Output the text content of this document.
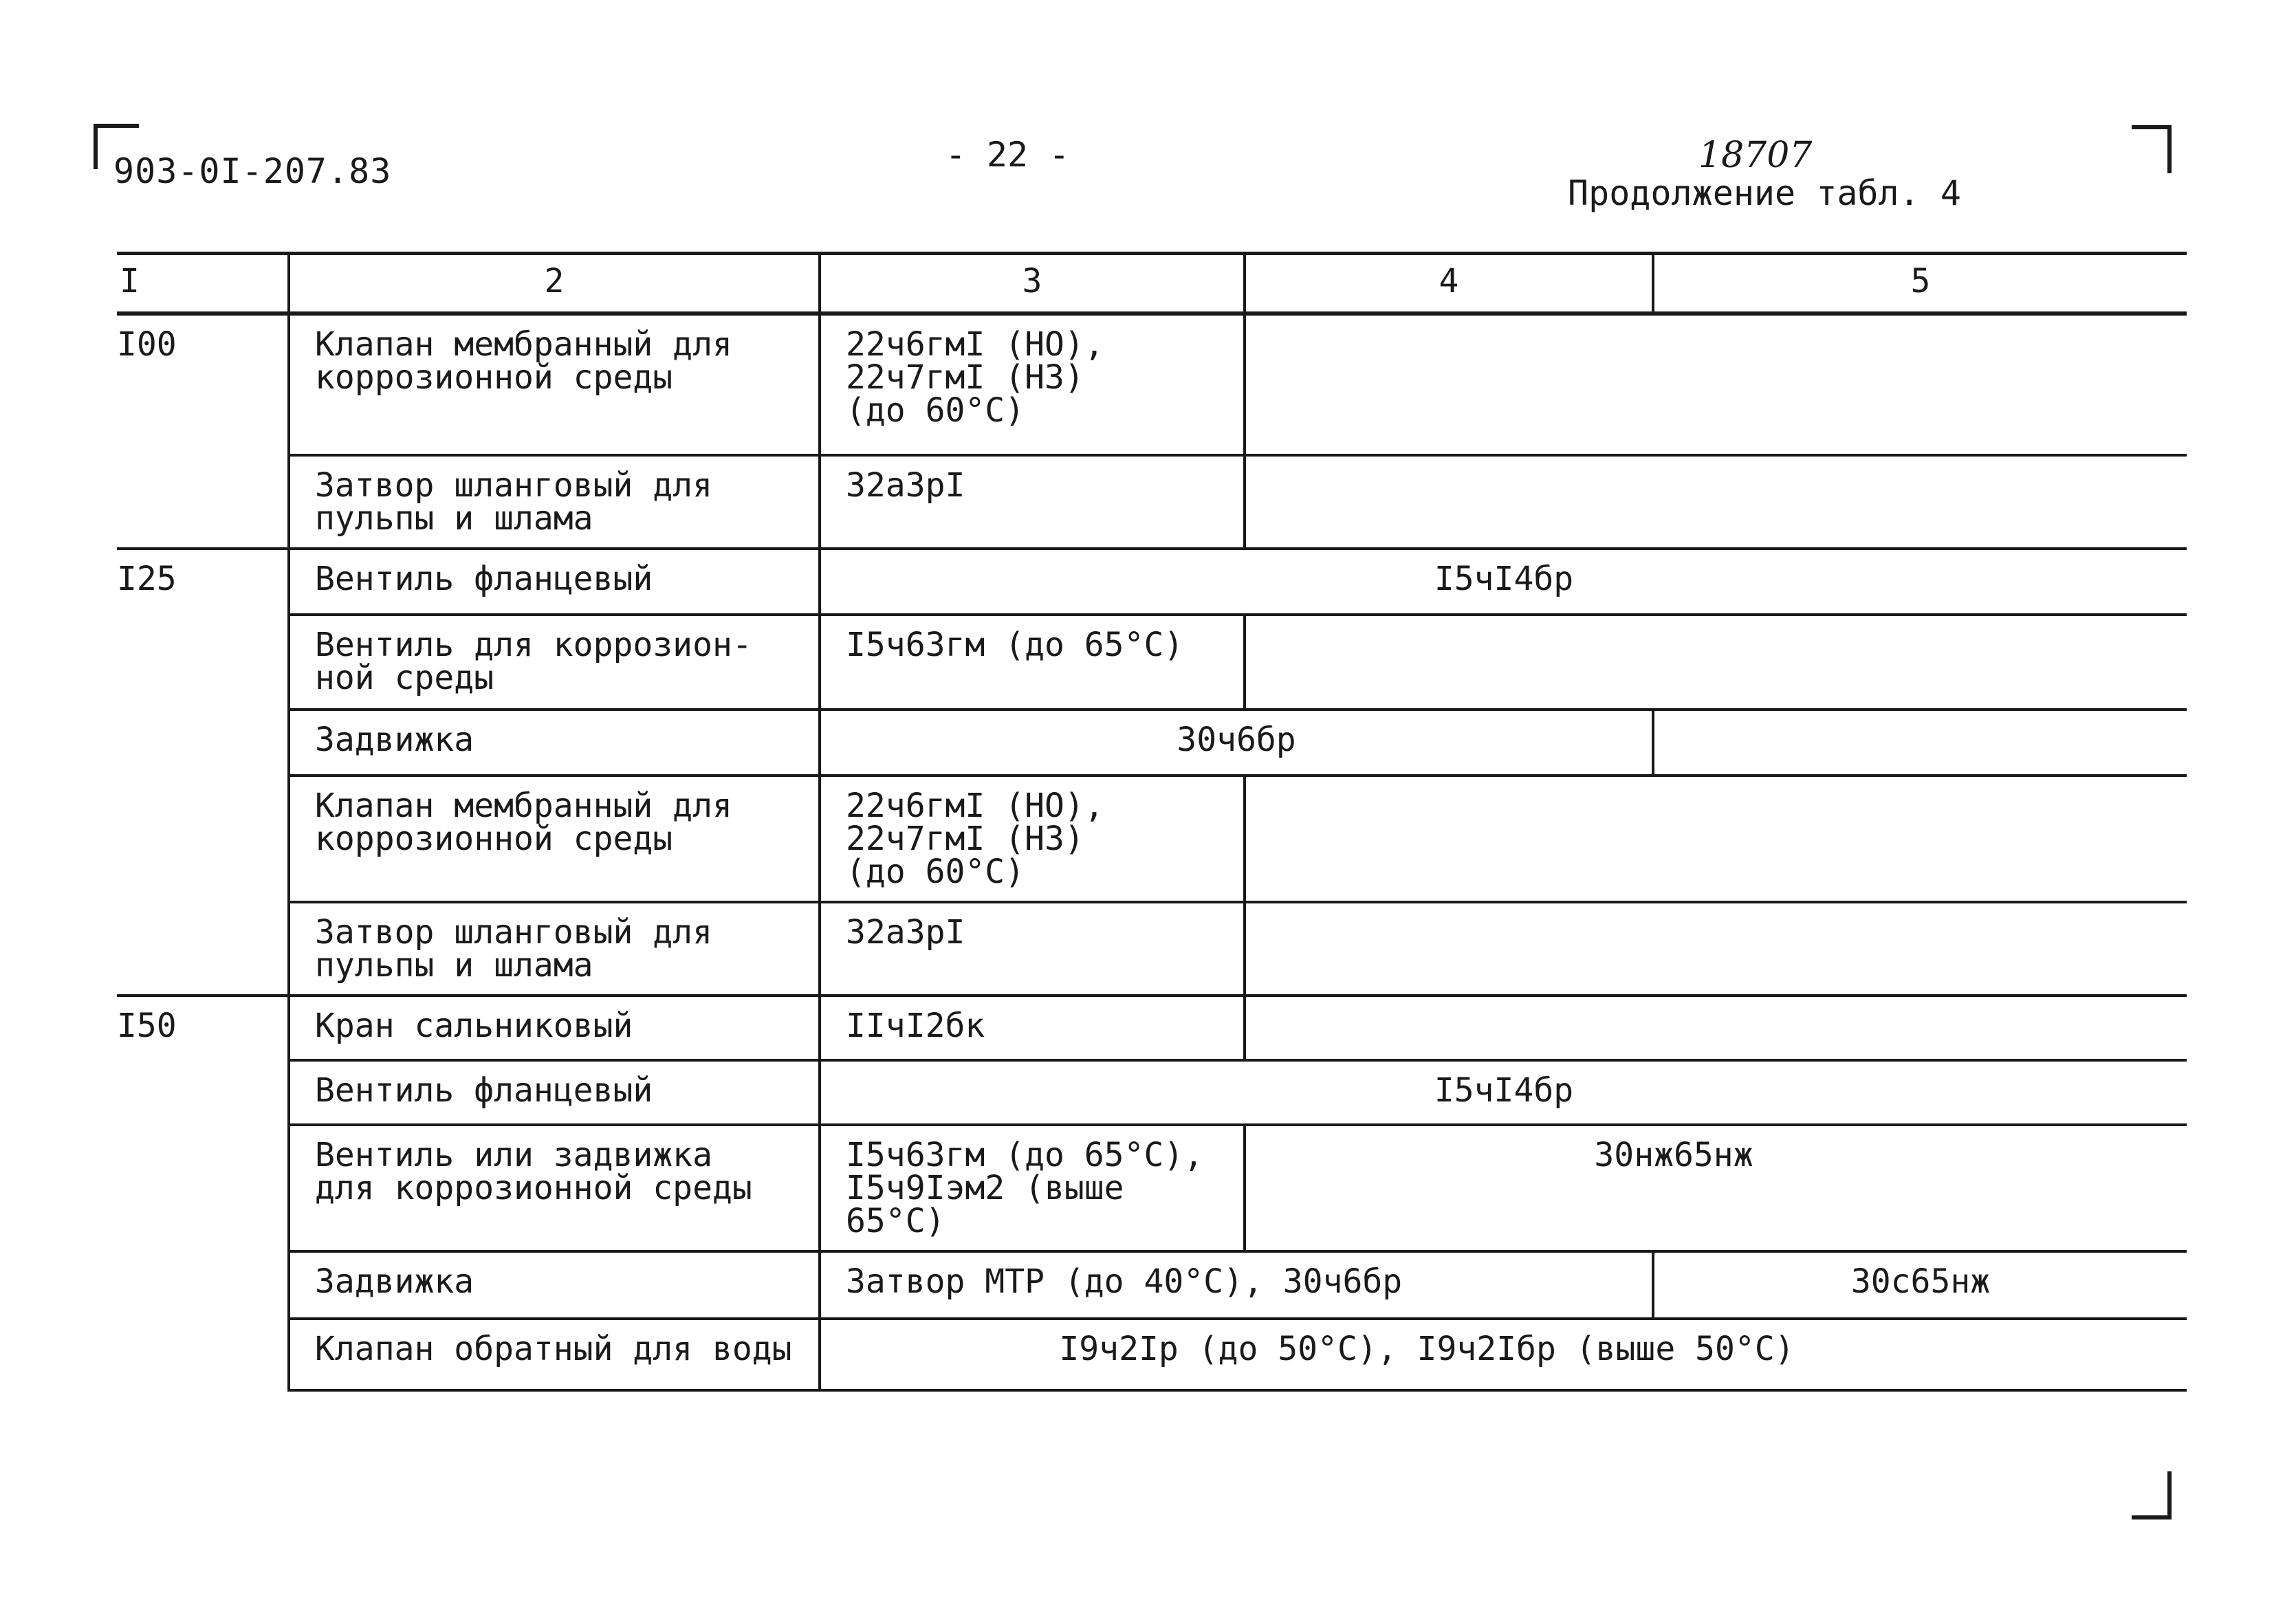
903-0I-207.83	- 22 -	18707
Продолжение табл. 4
I	2	3	4	5
I00	Клапан мембранный для
коррозионной среды	22ч6гмI (НО),
22ч7гмI (НЗ)
(до 60°С)		
	Затвор шланговый для
пульпы и шлама	32а3рI		
I25	Вентиль фланцевый	I5чI4бр		
	Вентиль для коррозион-
ной среды	I5ч63гм (до 65°С)		
	Задвижка	30ч6бр		
	Клапан мембранный для
коррозионной среды	22ч6гмI (НО),
22ч7гмI (НЗ)
(до 60°С)		
	Затвор шланговый для
пульпы и шлама	32а3рI		
I50	Кран сальниковый	IIчI2бк		
	Вентиль фланцевый	I5чI4бр		
	Вентиль или задвижка
для коррозионной среды	I5ч63гм (до 65°С),
I5ч9Iэм2 (выше 65°С)	30нж65нж	
	Задвижка	Затвор МТР (до 40°С), 30ч6бр		30с65нж
	Клапан обратный для воды	I9ч2Iр (до 50°С), I9ч2Iбр (выше 50°С)		
